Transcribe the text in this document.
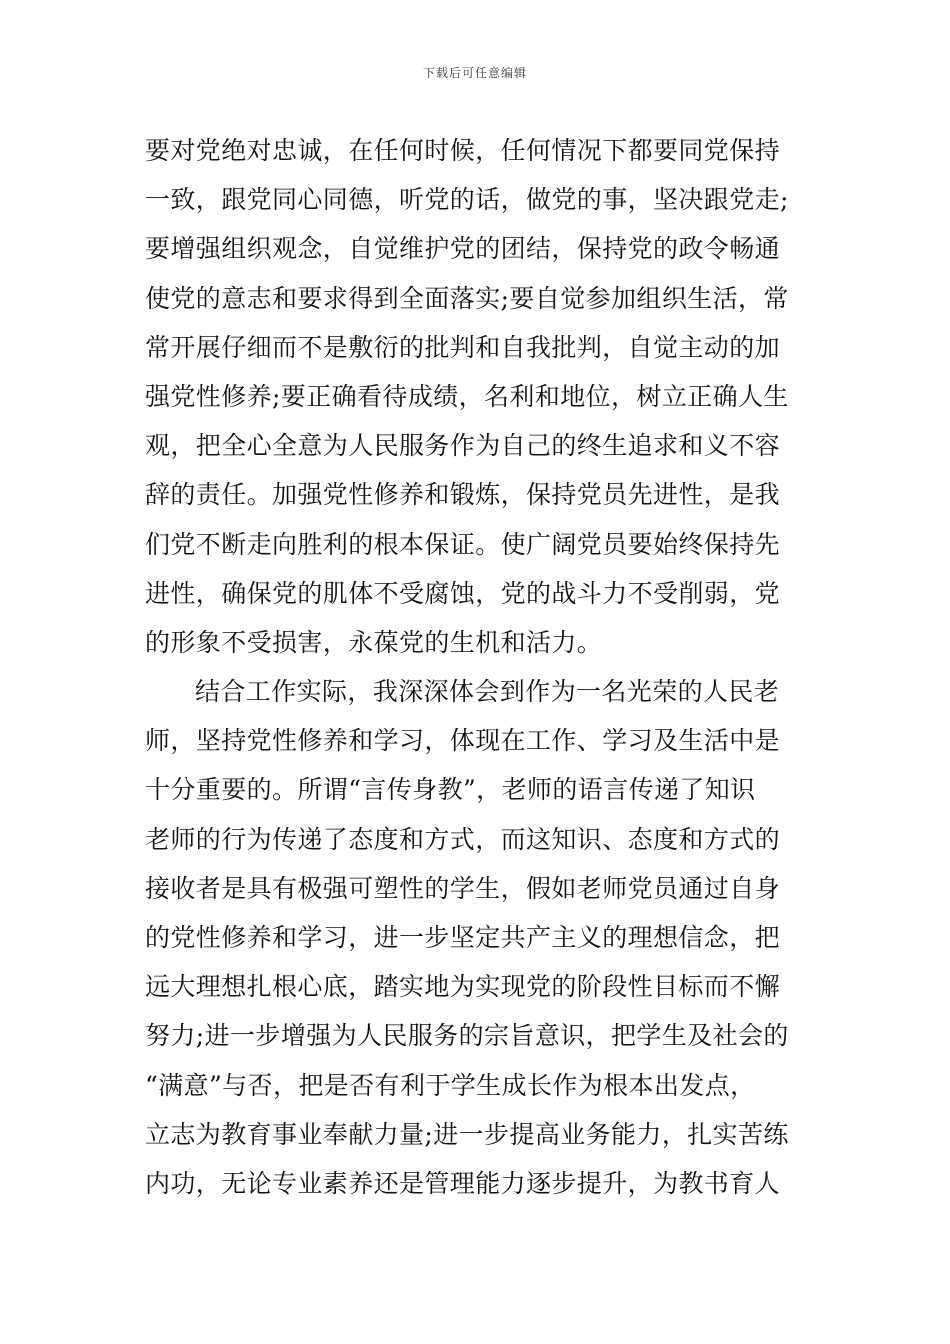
下载后可任意编辑
要对党绝对忠诚，在任何时候，任何情况下都要同党保持
一致，跟党同心同德，听党的话，做党的事，坚决跟党走;
要增强组织观念，自觉维护党的团结，保持党的政令畅通
使党的意志和要求得到全面落实;要自觉参加组织生活，常
常开展仔细而不是敷衍的批判和自我批判，自觉主动的加
强党性修养;要正确看待成绩，名利和地位，树立正确人生
观，把全心全意为人民服务作为自己的终生追求和义不容
辞的责任。加强党性修养和锻炼，保持党员先进性，是我
们党不断走向胜利的根本保证。使广阔党员要始终保持先
进性，确保党的肌体不受腐蚀，党的战斗力不受削弱，党
的形象不受损害，永葆党的生机和活力。
结合工作实际，我深深体会到作为一名光荣的人民老
师，坚持党性修养和学习，体现在工作、学习及生活中是
十分重要的。所谓“言传身教”，老师的语言传递了知识
老师的行为传递了态度和方式，而这知识、态度和方式的
接收者是具有极强可塑性的学生，假如老师党员通过自身
的党性修养和学习，进一步坚定共产主义的理想信念，把
远大理想扎根心底，踏实地为实现党的阶段性目标而不懈
努力;进一步增强为人民服务的宗旨意识，把学生及社会的
“满意”与否，把是否有利于学生成长作为根本出发点，
立志为教育事业奉献力量;进一步提高业务能力，扎实苦练
内功，无论专业素养还是管理能力逐步提升，为教书育人
